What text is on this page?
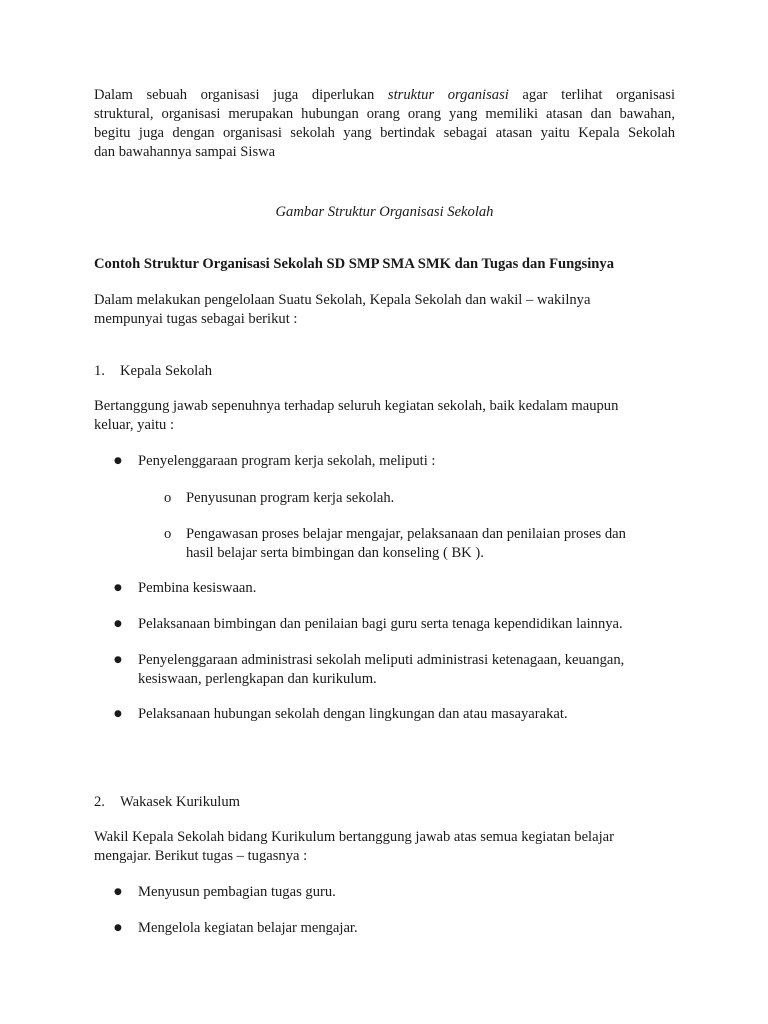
Dalam sebuah organisasi juga diperlukan struktur organisasi agar terlihat organisasi

struktural, organisasi merupakan hubungan orang orang yang memiliki atasan dan bawahan,

begitu juga dengan organisasi sekolah yang bertindak sebagai atasan yaitu Kepala Sekolah

dan bawahannya sampai Siswa

Gambar Struktur Organisasi Sekolah

Contoh Struktur Organisasi Sekolah SD SMP SMA SMK dan Tugas dan Fungsinya

Dalam melakukan pengelolaan Suatu Sekolah, Kepala Sekolah dan wakil – wakilnya

mempunyai tugas sebagai berikut :

1.	Kepala Sekolah

Bertanggung jawab sepenuhnya terhadap seluruh kegiatan sekolah, baik kedalam maupun

keluar, yaitu :

● Penyelenggaraan program kerja sekolah, meliputi :
o Penyusunan program kerja sekolah.
o Pengawasan proses belajar mengajar, pelaksanaan dan penilaian proses dan
hasil belajar serta bimbingan dan konseling ( BK ).
● Pembina kesiswaan.
● Pelaksanaan bimbingan dan penilaian bagi guru serta tenaga kependidikan lainnya.
● Penyelenggaraan administrasi sekolah meliputi administrasi ketenagaan, keuangan,
kesiswaan, perlengkapan dan kurikulum.
● Pelaksanaan hubungan sekolah dengan lingkungan dan atau masayarakat.
2.	Wakasek Kurikulum

Wakil Kepala Sekolah bidang Kurikulum bertanggung jawab atas semua kegiatan belajar

mengajar. Berikut tugas – tugasnya :

● Menyusun pembagian tugas guru.
● Mengelola kegiatan belajar mengajar.
